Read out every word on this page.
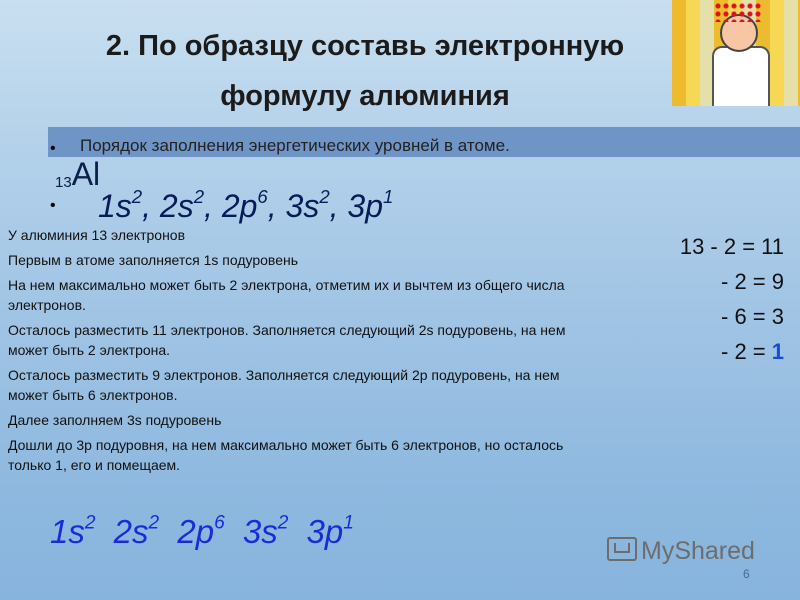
2. По образцу составь электронную
формулу алюминия
• Порядок заполнения энергетических уровней в атоме.
13Al
• $1s^2$, $2s^2$, $2p^6$, $3s^2$, $3p^1$

У алюминия 13 электронов

Первым в атоме заполняется 1s подуровень

На нем максимально может быть 2 электрона, отметим их и вычтем из общего числа электронов.

Осталось разместить 11 электронов. Заполняется следующий 2s подуровень, на нем может быть 2 электрона.

Осталось разместить 9 электронов. Заполняется следующий 2p подуровень, на нем может быть 6 электронов.

Далее заполняем 3s подуровень

Дошли до 3p подуровня, на нем максимально может быть 6 электронов, но осталось только 1, его и помещаем.

13 - 2 = 11
- 2 = 9
- 6 = 3
- 2 = 1
$1s^2$ $2s^2$ $2p^6$ $3s^2$ $3p^1$
MyShared
6
